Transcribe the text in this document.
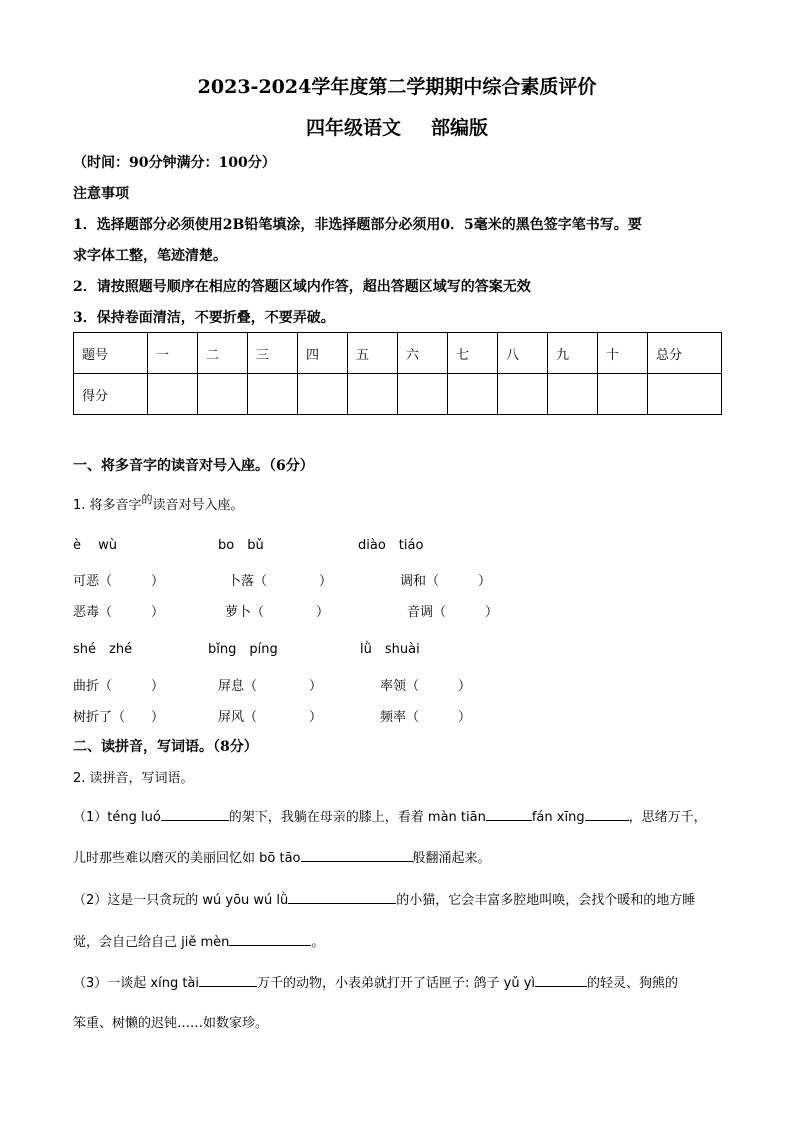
2023-2024学年度第二学期期中综合素质评价
四年级语文 部编版
（时间：90分钟满分：100分）
注意事项
1．选择题部分必须使用2B铅笔填涂，非选择题部分必须用0．5毫米的黑色签字笔书写。要
求字体工整，笔迹清楚。
2．请按照题号顺序在相应的答题区域内作答，超出答题区域写的答案无效
3．保持卷面清洁，不要折叠，不要弄破。
题号	一	二	三	四	五	六	七	八	九	十	总分
得分											
一、将多音字的读音对号入座。（6分）
1. 将多音字$^的$读音对号入座。
è　 wù	bo　bǔ	diào　tiáo
可恶（　　　）	卜落（　　　　）	调和（　　　）
恶毒（　　　）	萝卜（　　　　）	音调（　　　）
shé　zhé	bǐng　píng	lǜ　shuài
曲折（　　　）	屏息（　　　　）	率领（　　　）
树折了（　　）	屏风（　　　　）	频率（　　　）
二、读拼音，写词语。（8分）
2. 读拼音，写词语。
（1）téng luó	的架下，我躺在母亲的膝上，看着 màn tiān	fán xīng	，思绪万千，
儿时那些难以磨灭的美丽回忆如 bō tāo	般翻涌起来。
（2）这是一只贪玩的 wú yōu wú lǜ	的小猫，它会丰富多腔地叫唤，会找个暖和的地方睡
觉，会自己给自己 jiě mèn	。
（3）一谈起 xíng tài	万千的动物，小表弟就打开了话匣子: 鸽子 yǔ yì	的轻灵、狗熊的
笨重、树懒的迟钝……如数家珍。
